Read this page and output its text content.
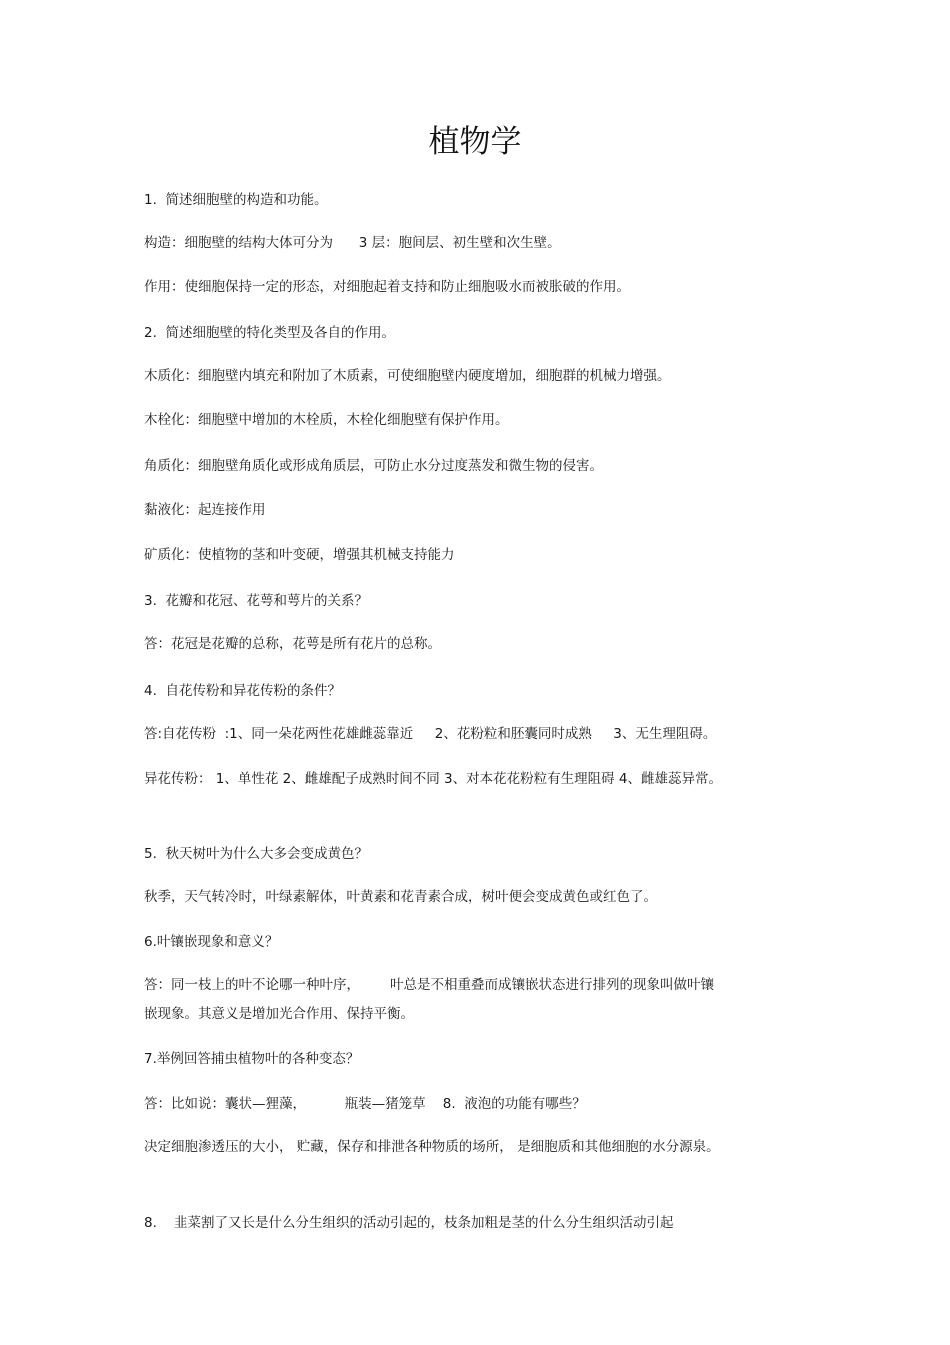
植物学
1.  简述细胞壁的构造和功能。
构造：细胞壁的结构大体可分为      3 层：胞间层、初生壁和次生壁。
作用：使细胞保持一定的形态，对细胞起着支持和防止细胞吸水而被胀破的作用。
2.  简述细胞壁的特化类型及各自的作用。
木质化：细胞壁内填充和附加了木质素，可使细胞壁内硬度增加，细胞群的机械力增强。
木栓化：细胞壁中增加的木栓质，木栓化细胞壁有保护作用。
角质化：细胞壁角质化或形成角质层，可防止水分过度蒸发和微生物的侵害。
黏液化：起连接作用
矿质化：使植物的茎和叶变硬，增强其机械支持能力
3.  花瓣和花冠、花萼和萼片的关系？
答：花冠是花瓣的总称，花萼是所有花片的总称。
4.  自花传粉和异花传粉的条件？
答:自花传粉  :1、同一朵花两性花雄雌蕊靠近     2、花粉粒和胚囊同时成熟     3、无生理阻碍。
异花传粉： 1、单性花 2、雌雄配子成熟时间不同 3、对本花花粉粒有生理阻碍 4、雌雄蕊异常。
5.  秋天树叶为什么大多会变成黄色？
秋季，天气转冷时，叶绿素解体，叶黄素和花青素合成，树叶便会变成黄色或红色了。
6.叶镶嵌现象和意义？
答：同一枝上的叶不论哪一种叶序，       叶总是不相重叠而成镶嵌状态进行排列的现象叫做叶镶
嵌现象。其意义是增加光合作用、保持平衡。
7.举例回答捕虫植物叶的各种变态？
答：比如说：囊状—狸藻，         瓶装—猪笼草    8.  液泡的功能有哪些？
决定细胞渗透压的大小， 贮藏，保存和排泄各种物质的场所， 是细胞质和其他细胞的水分源泉。
8.    韭菜割了又长是什么分生组织的活动引起的，枝条加粗是茎的什么分生组织活动引起
